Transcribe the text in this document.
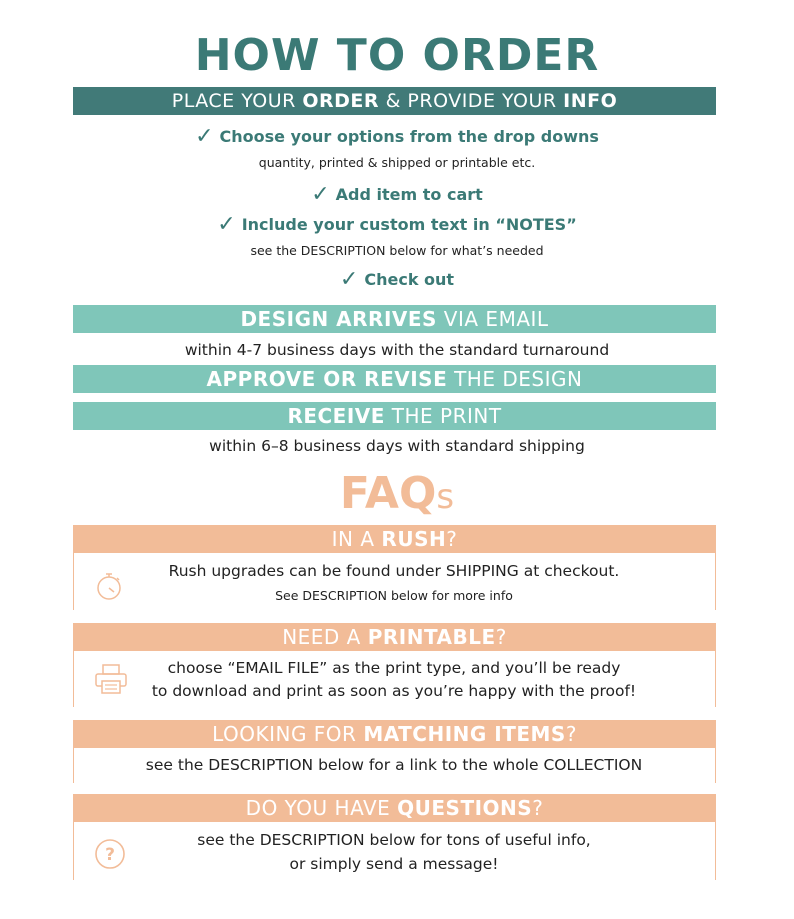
HOW TO ORDER
PLACE YOUR ORDER & PROVIDE YOUR INFO
✓ Choose your options from the drop downs
quantity, printed & shipped or printable etc.
✓ Add item to cart
✓ Include your custom text in “NOTES”
see the DESCRIPTION below for what’s needed
✓ Check out
DESIGN ARRIVES VIA EMAIL
within 4-7 business days with the standard turnaround
APPROVE OR REVISE THE DESIGN
RECEIVE THE PRINT
within 6–8 business days with standard shipping
FAQs
IN A RUSH?
Rush upgrades can be found under SHIPPING at checkout.
See DESCRIPTION below for more info
NEED A PRINTABLE?
choose “EMAIL FILE” as the print type, and you’ll be ready
to download and print as soon as you’re happy with the proof!
LOOKING FOR MATCHING ITEMS?
see the DESCRIPTION below for a link to the whole COLLECTION
DO YOU HAVE QUESTIONS?
?
see the DESCRIPTION below for tons of useful info,
or simply send a message!
